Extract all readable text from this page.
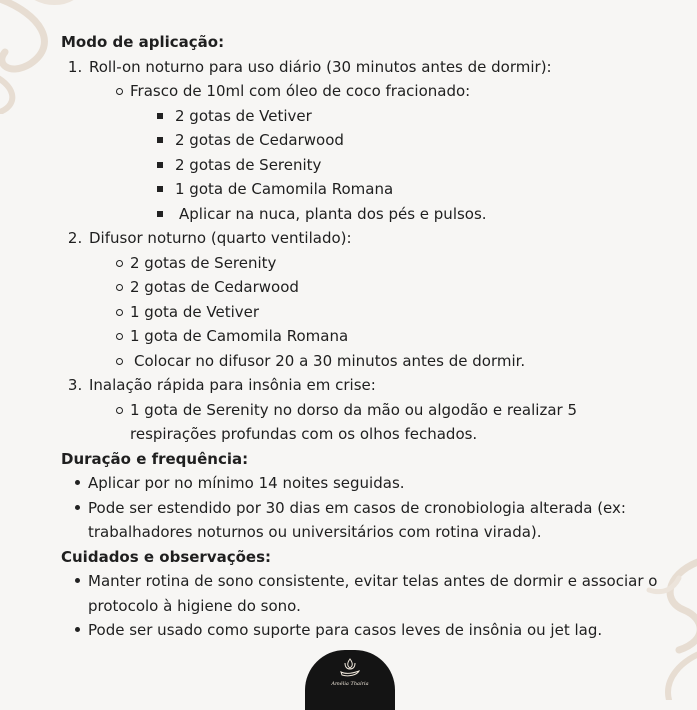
Modo de aplicação:

1. Roll-on noturno para uso diário (30 minutos antes de dormir):
Frasco de 10ml com óleo de coco fracionado:
2 gotas de Vetiver
2 gotas de Cedarwood
2 gotas de Serenity
1 gota de Camomila Romana
Aplicar na nuca, planta dos pés e pulsos.
2. Difusor noturno (quarto ventilado):
2 gotas de Serenity
2 gotas de Cedarwood
1 gota de Vetiver
1 gota de Camomila Romana
Colocar no difusor 20 a 30 minutos antes de dormir.
3. Inalação rápida para insônia em crise:
1 gota de Serenity no dorso da mão ou algodão e realizar 5 respirações profundas com os olhos fechados.

Duração e frequência:

Aplicar por no mínimo 14 noites seguidas.
Pode ser estendido por 30 dias em casos de cronobiologia alterada (ex: trabalhadores noturnos ou universitários com rotina virada).

Cuidados e observações:

Manter rotina de sono consistente, evitar telas antes de dormir e associar o protocolo à higiene do sono.
Pode ser usado como suporte para casos leves de insônia ou jet lag.
Amélia Thaíria
